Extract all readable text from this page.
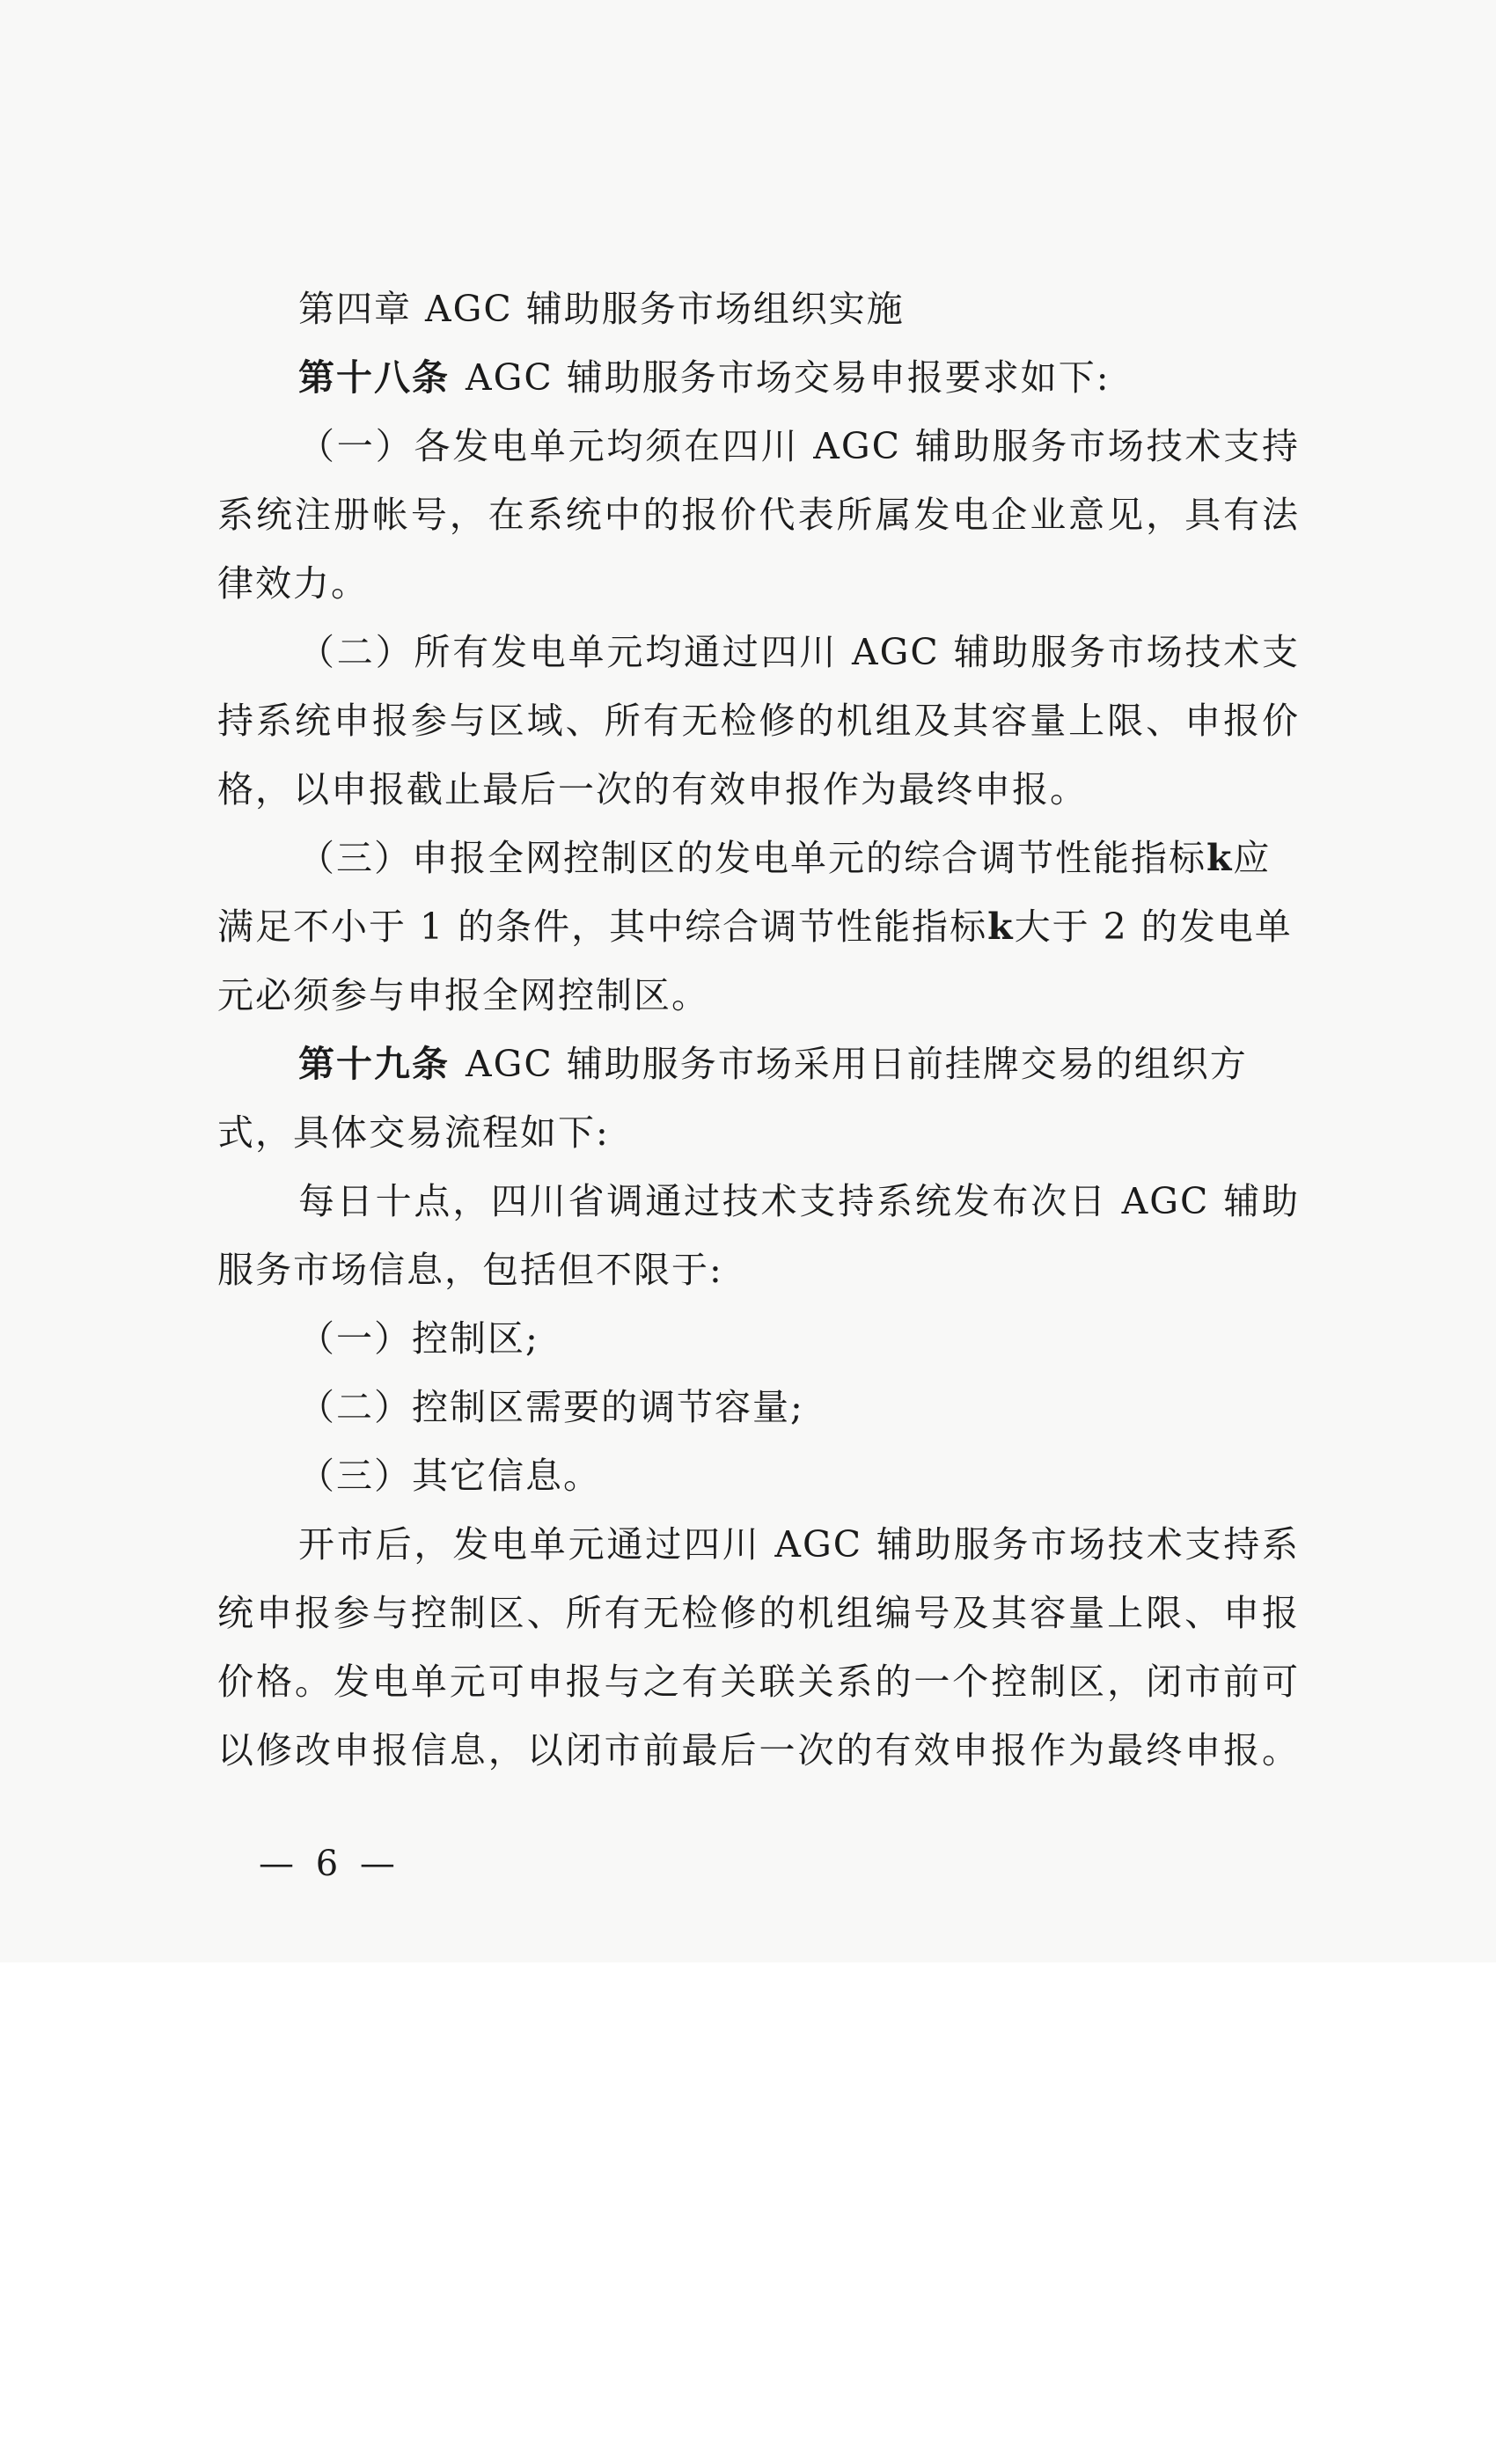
第四章 AGC 辅助服务市场组织实施
第十八条 AGC 辅助服务市场交易申报要求如下:
（一）各发电单元均须在四川 AGC 辅助服务市场技术支持
系统注册帐号，在系统中的报价代表所属发电企业意见，具有法
律效力。
（二）所有发电单元均通过四川 AGC 辅助服务市场技术支
持系统申报参与区域、所有无检修的机组及其容量上限、申报价
格，以申报截止最后一次的有效申报作为最终申报。
（三）申报全网控制区的发电单元的综合调节性能指标k应
满足不小于 1 的条件，其中综合调节性能指标k大于 2 的发电单
元必须参与申报全网控制区。
第十九条 AGC 辅助服务市场采用日前挂牌交易的组织方
式，具体交易流程如下:
每日十点，四川省调通过技术支持系统发布次日 AGC 辅助
服务市场信息，包括但不限于:
（一）控制区;
（二）控制区需要的调节容量;
（三）其它信息。
开市后，发电单元通过四川 AGC 辅助服务市场技术支持系
统申报参与控制区、所有无检修的机组编号及其容量上限、申报
价格。发电单元可申报与之有关联关系的一个控制区，闭市前可
以修改申报信息，以闭市前最后一次的有效申报作为最终申报。
— 6 —
